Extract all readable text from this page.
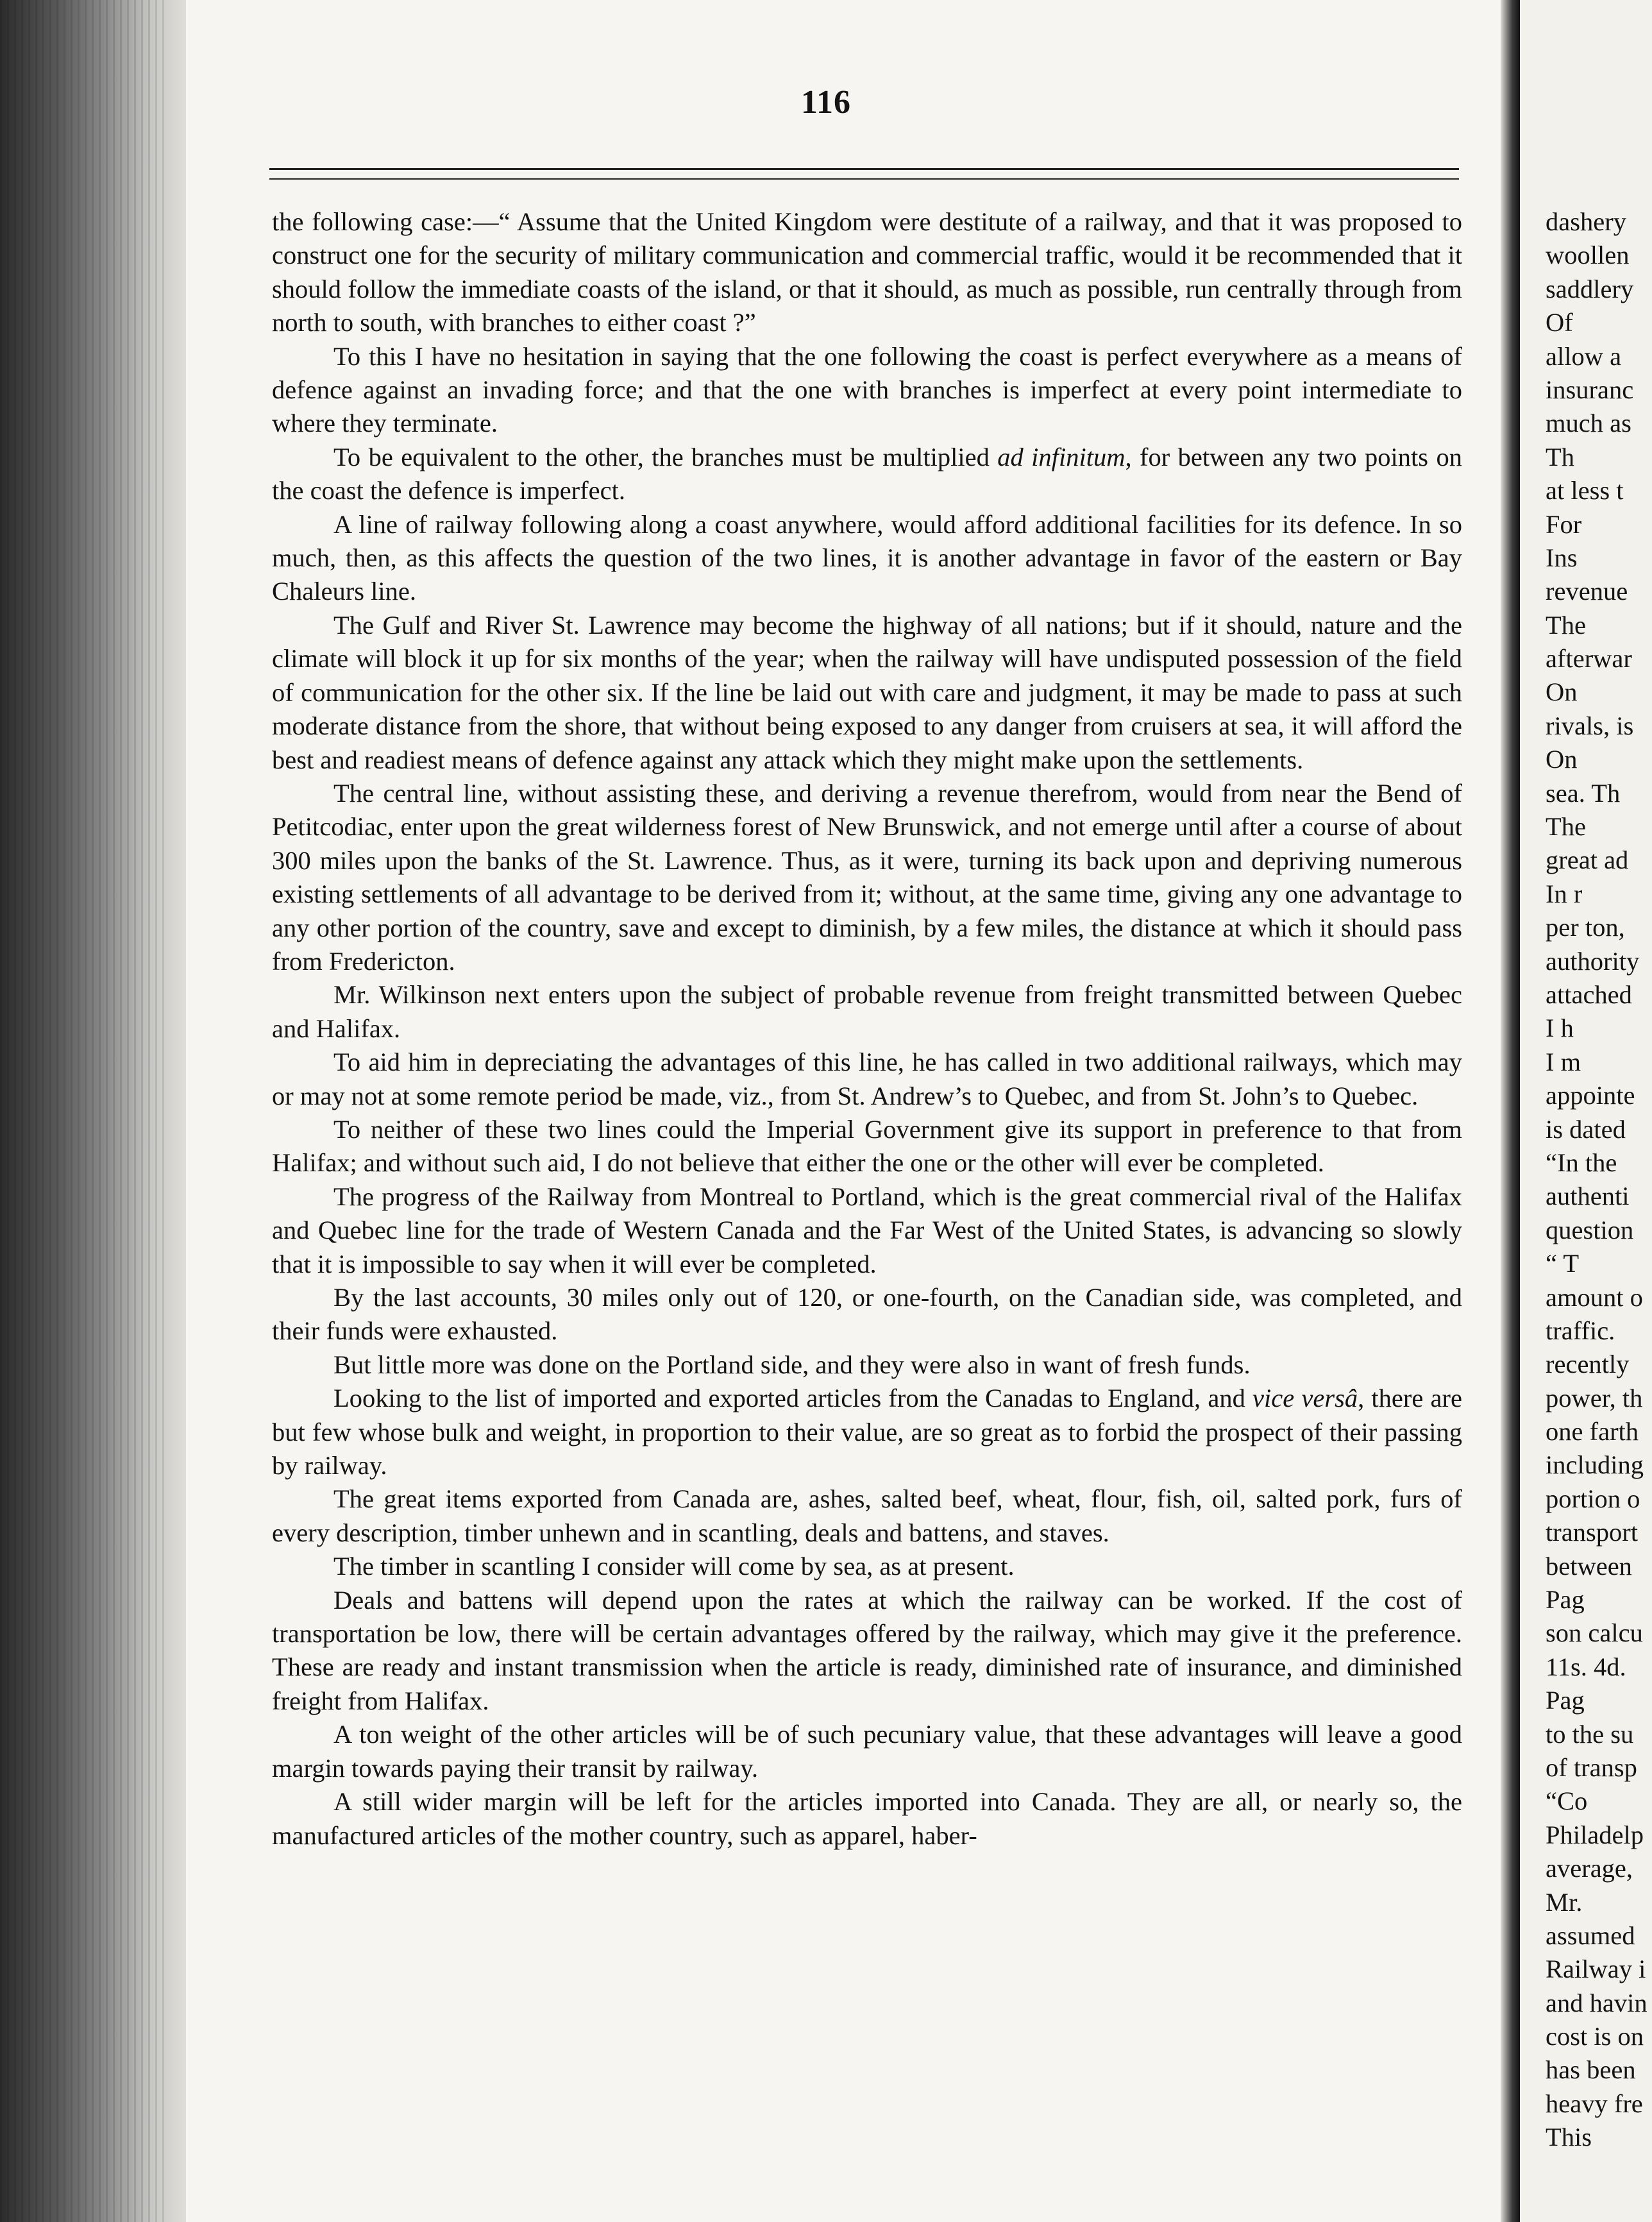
116

the following case:—“ Assume that the United Kingdom were destitute of a railway, and that it was proposed to construct one for the security of military communication and commercial traffic, would it be recommended that it should follow the immediate coasts of the island, or that it should, as much as possible, run centrally through from north to south, with branches to either coast ?”

To this I have no hesitation in saying that the one following the coast is perfect everywhere as a means of defence against an invading force; and that the one with branches is imperfect at every point intermediate to where they terminate.

To be equivalent to the other, the branches must be multiplied ad infinitum, for between any two points on the coast the defence is imperfect.

A line of railway following along a coast anywhere, would afford additional facilities for its defence. In so much, then, as this affects the question of the two lines, it is another advantage in favor of the eastern or Bay Chaleurs line.

The Gulf and River St. Lawrence may become the highway of all nations; but if it should, nature and the climate will block it up for six months of the year; when the railway will have undisputed possession of the field of communication for the other six. If the line be laid out with care and judgment, it may be made to pass at such moderate distance from the shore, that without being exposed to any danger from cruisers at sea, it will afford the best and readiest means of defence against any attack which they might make upon the settlements.

The central line, without assisting these, and deriving a revenue therefrom, would from near the Bend of Petitcodiac, enter upon the great wilderness forest of New Brunswick, and not emerge until after a course of about 300 miles upon the banks of the St. Lawrence. Thus, as it were, turning its back upon and depriving numerous existing settlements of all advantage to be derived from it; without, at the same time, giving any one advantage to any other portion of the country, save and except to diminish, by a few miles, the distance at which it should pass from Fredericton.

Mr. Wilkinson next enters upon the subject of probable revenue from freight transmitted between Quebec and Halifax.

To aid him in depreciating the advantages of this line, he has called in two additional railways, which may or may not at some remote period be made, viz., from St. Andrew’s to Quebec, and from St. John’s to Quebec.

To neither of these two lines could the Imperial Government give its support in preference to that from Halifax; and without such aid, I do not believe that either the one or the other will ever be completed.

The progress of the Railway from Montreal to Portland, which is the great commercial rival of the Halifax and Quebec line for the trade of Western Canada and the Far West of the United States, is advancing so slowly that it is impossible to say when it will ever be completed.

By the last accounts, 30 miles only out of 120, or one-fourth, on the Canadian side, was completed, and their funds were exhausted.

But little more was done on the Portland side, and they were also in want of fresh funds.

Looking to the list of imported and exported articles from the Canadas to England, and vice versâ, there are but few whose bulk and weight, in proportion to their value, are so great as to forbid the prospect of their passing by railway.

The great items exported from Canada are, ashes, salted beef, wheat, flour, fish, oil, salted pork, furs of every description, timber unhewn and in scantling, deals and battens, and staves.

The timber in scantling I consider will come by sea, as at present.

Deals and battens will depend upon the rates at which the railway can be worked. If the cost of transportation be low, there will be certain advantages offered by the railway, which may give it the preference. These are ready and instant transmission when the article is ready, diminished rate of insurance, and diminished freight from Halifax.

A ton weight of the other articles will be of such pecuniary value, that these advantages will leave a good margin towards paying their transit by railway.

A still wider margin will be left for the articles imported into Canada. They are all, or nearly so, the manufactured articles of the mother country, such as apparel, haber-

dashery
woollen
saddlery
Of
allow a
insuranc
much as
Th
at less t
For
Ins
revenue
The
afterwar
On
rivals, is
On
sea. Th
The
great ad
In r
per ton,
authority
attached
I h
I m
appointe
is dated
“In the
authenti
question
“ T
amount o
traffic.
recently
power, th
one farth
including
portion o
transport
between
Pag
son calcu
11s. 4d.
Pag
to the su
of transp
“Co
Philadelp
average,
Mr.
assumed
Railway i
and havin
cost is on
has been
heavy fre
This
